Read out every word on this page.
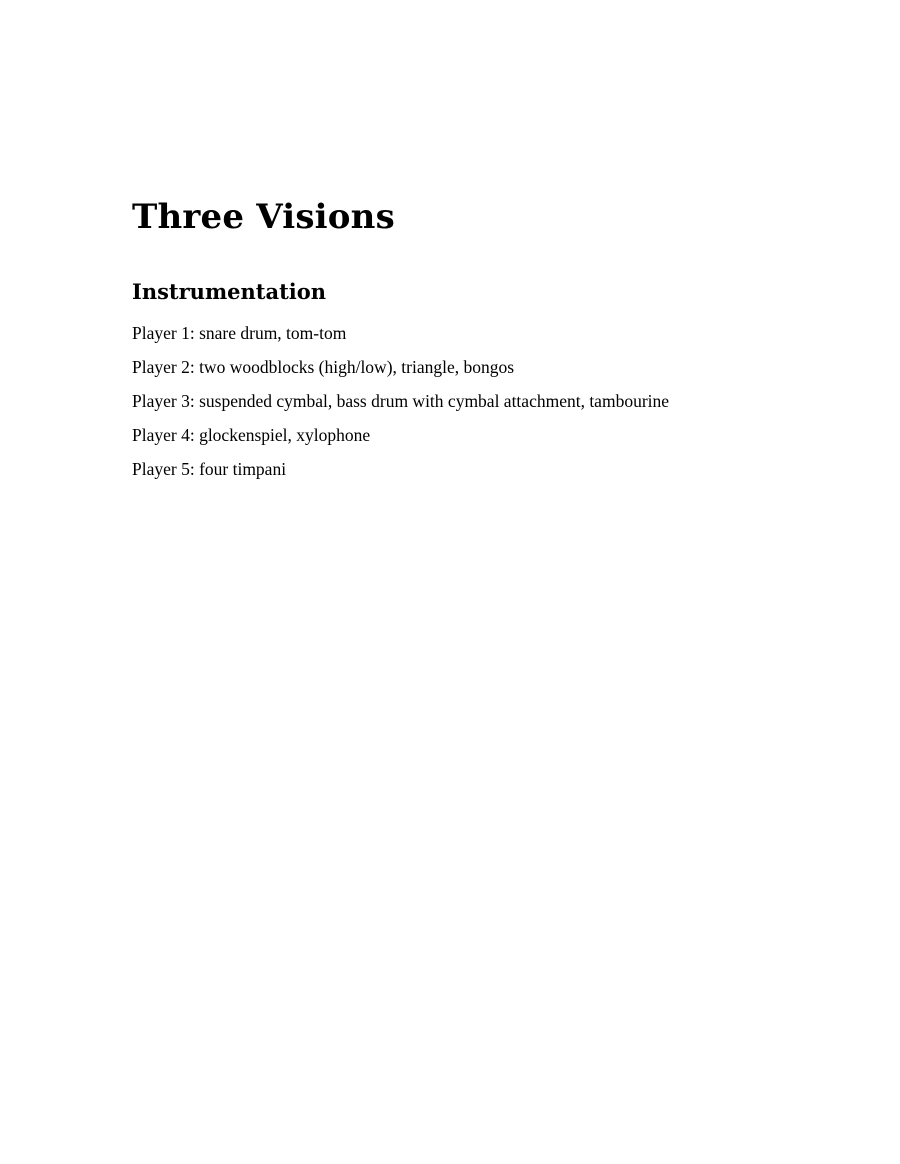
Three Visions
Instrumentation
Player 1: snare drum, tom-tom
Player 2: two woodblocks (high/low), triangle, bongos
Player 3: suspended cymbal, bass drum with cymbal attachment, tambourine
Player 4: glockenspiel, xylophone
Player 5: four timpani
